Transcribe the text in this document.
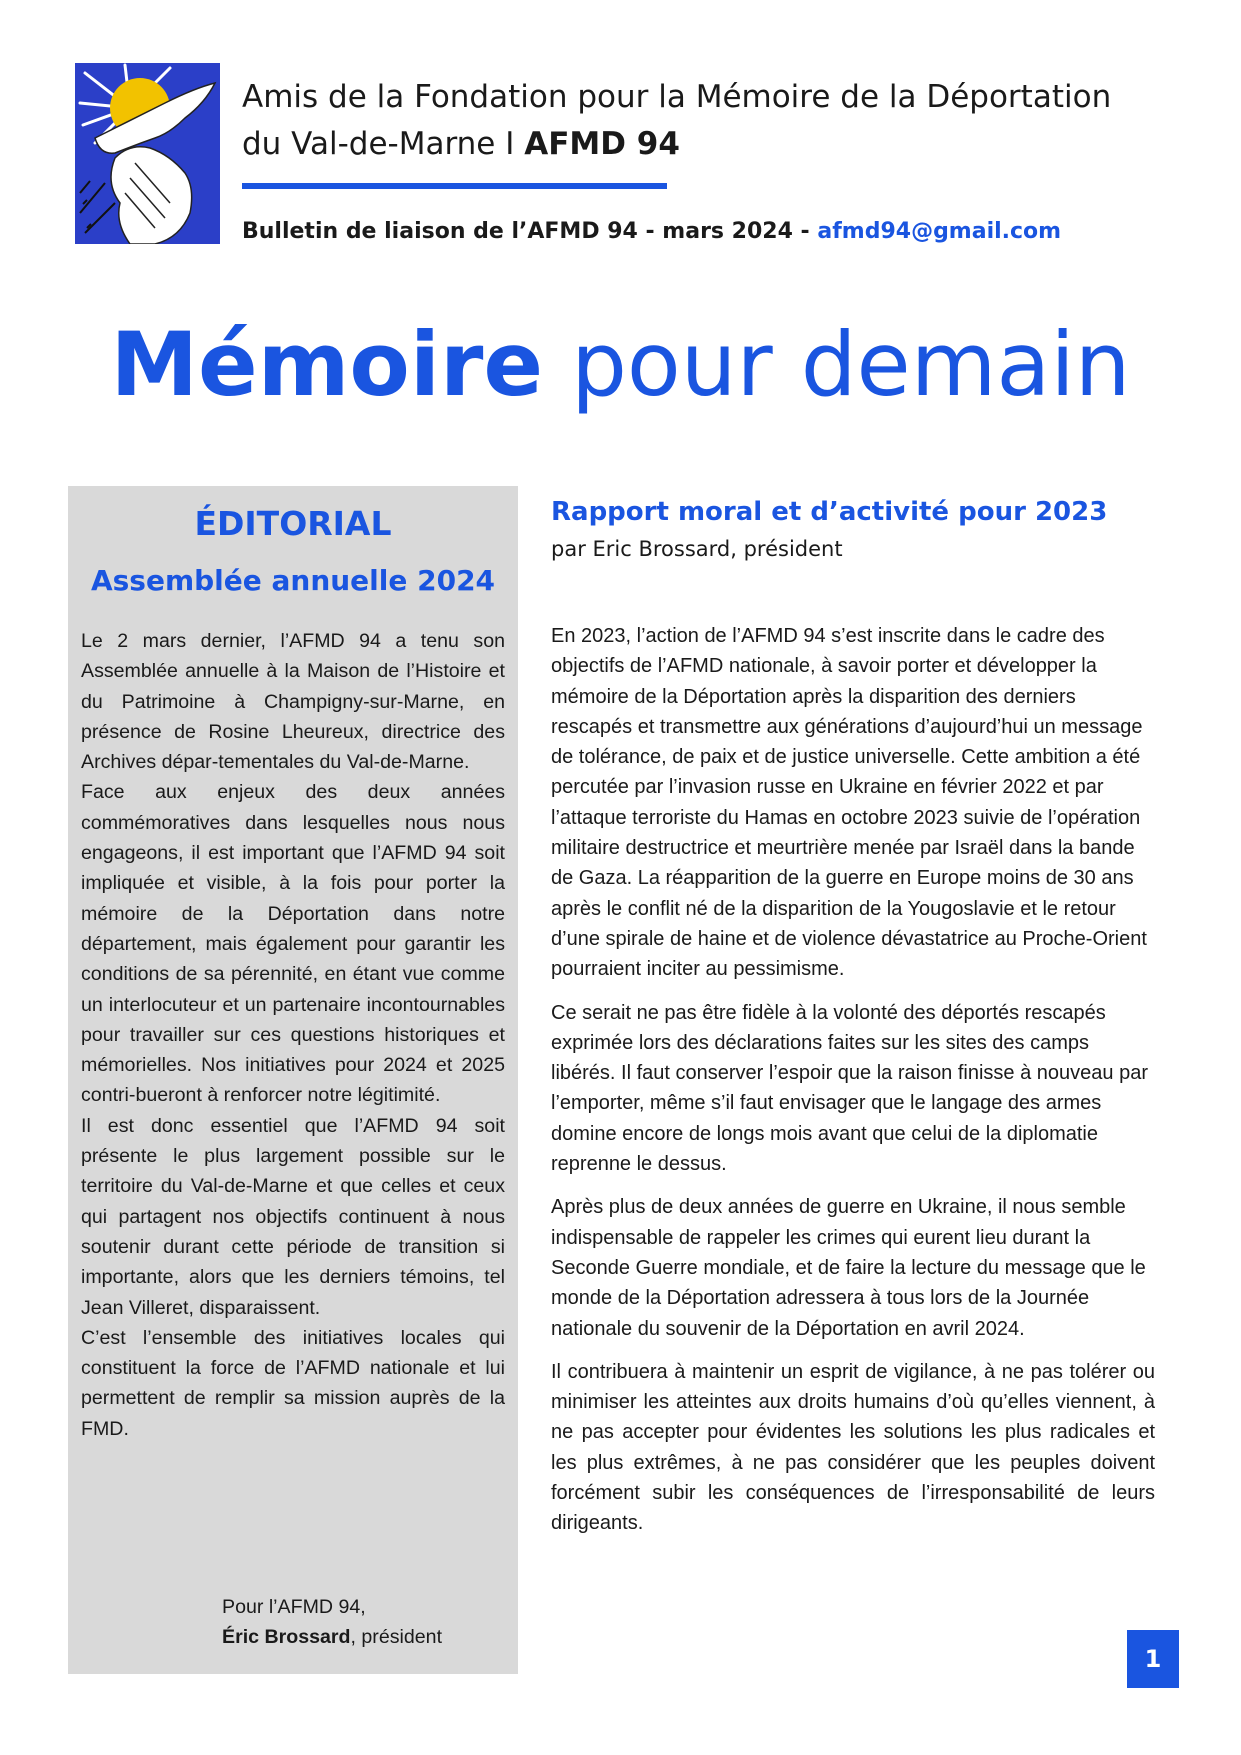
Amis de la Fondation pour la Mémoire de la Déportation
du Val-de-Marne I AFMD 94
Bulletin de liaison de l’AFMD 94 - mars 2024 - afmd94@gmail.com
Mémoire pour demain
ÉDITORIAL
Assemblée annuelle 2024

Le 2 mars dernier, l’AFMD 94 a tenu son Assemblée annuelle à la Maison de l’Histoire et du Patrimoine à Champigny-sur-Marne, en présence de Rosine Lheureux, directrice des Archives dépar-tementales du Val-de-Marne.

Face aux enjeux des deux années commémoratives dans lesquelles nous nous engageons, il est important que l’AFMD 94 soit impliquée et visible, à la fois pour porter la mémoire de la Déportation dans notre département, mais également pour garantir les conditions de sa pérennité, en étant vue comme un interlocuteur et un partenaire incontournables pour travailler sur ces questions historiques et mémorielles. Nos initiatives pour 2024 et 2025 contri-bueront à renforcer notre légitimité.

Il est donc essentiel que l’AFMD 94 soit présente le plus largement possible sur le territoire du Val-de-Marne et que celles et ceux qui partagent nos objectifs continuent à nous soutenir durant cette période de transition si importante, alors que les derniers témoins, tel Jean Villeret, disparaissent.

C’est l’ensemble des initiatives locales qui constituent la force de l’AFMD nationale et lui permettent de remplir sa mission auprès de la FMD.

Pour l’AFMD 94,
Éric Brossard, président
Rapport moral et d’activité pour 2023
par Eric Brossard, président

En 2023, l’action de l’AFMD 94 s’est inscrite dans le cadre des objectifs de l’AFMD nationale, à savoir porter et développer la mémoire de la Déportation après la disparition des derniers rescapés et transmettre aux générations d’aujourd’hui un message de tolérance, de paix et de justice universelle. Cette ambition a été percutée par l’invasion russe en Ukraine en février 2022 et par l’attaque terroriste du Hamas en octobre 2023 suivie de l’opération militaire destructrice et meurtrière menée par Israël dans la bande de Gaza. La réapparition de la guerre en Europe moins de 30 ans après le conflit né de la disparition de la Yougoslavie et le retour d’une spirale de haine et de violence dévastatrice au Proche-Orient pourraient inciter au pessimisme.

Ce serait ne pas être fidèle à la volonté des déportés rescapés exprimée lors des déclarations faites sur les sites des camps libérés. Il faut conserver l’espoir que la raison finisse à nouveau par l’emporter, même s’il faut envisager que le langage des armes domine encore de longs mois avant que celui de la diplomatie reprenne le dessus.

Après plus de deux années de guerre en Ukraine, il nous semble indispensable de rappeler les crimes qui eurent lieu durant la Seconde Guerre mondiale, et de faire la lecture du message que le monde de la Déportation adressera à tous lors de la Journée nationale du souvenir de la Déportation en avril 2024.

Il contribuera à maintenir un esprit de vigilance, à ne pas tolérer ou minimiser les atteintes aux droits humains d’où qu’elles viennent, à ne pas accepter pour évidentes les solutions les plus radicales et les plus extrêmes, à ne pas considérer que les peuples doivent forcément subir les conséquences de l’irresponsabilité de leurs dirigeants.

1
